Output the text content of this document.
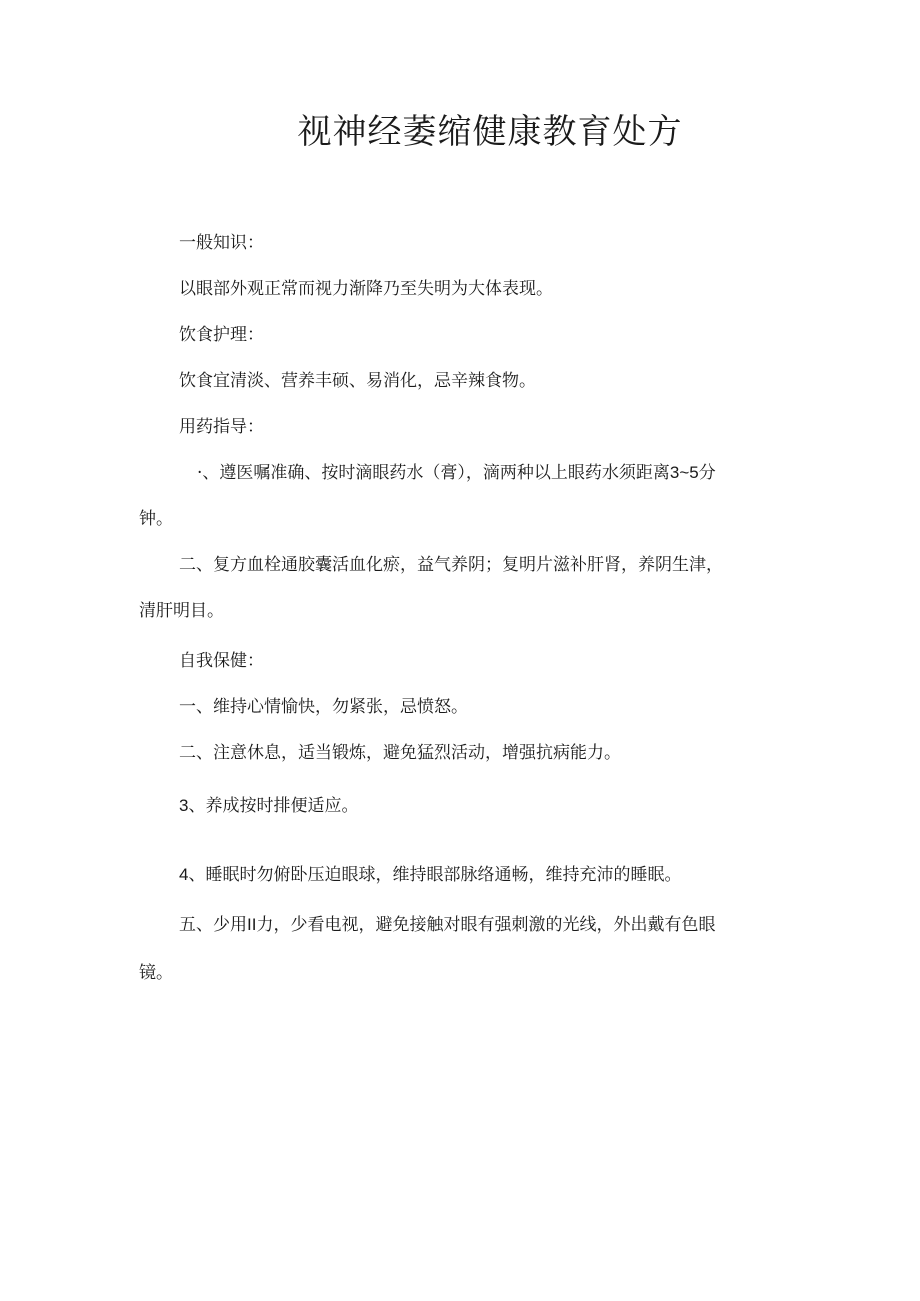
视神经萎缩健康教育处方

一般知识：

以眼部外观正常而视力渐降乃至失明为大体表现。

饮食护理：

饮食宜清淡、营养丰硕、易消化，忌辛辣食物。

用药指导：

·、遵医嘱准确、按时滴眼药水（膏），滴两种以上眼药水须距离3~5分

钟。

二、复方血栓通胶囊活血化瘀，益气养阴；复明片滋补肝肾，养阴生津，

清肝明目。

自我保健：

一、维持心情愉快，勿紧张，忌愤怒。

二、注意休息，适当锻炼，避免猛烈活动，增强抗病能力。

3、养成按时排便适应。

4、睡眠时勿俯卧压迫眼球，维持眼部脉络通畅，维持充沛的睡眠。

五、少用II力，少看电视，避免接触对眼有强刺激的光线，外出戴有色眼

镜。
